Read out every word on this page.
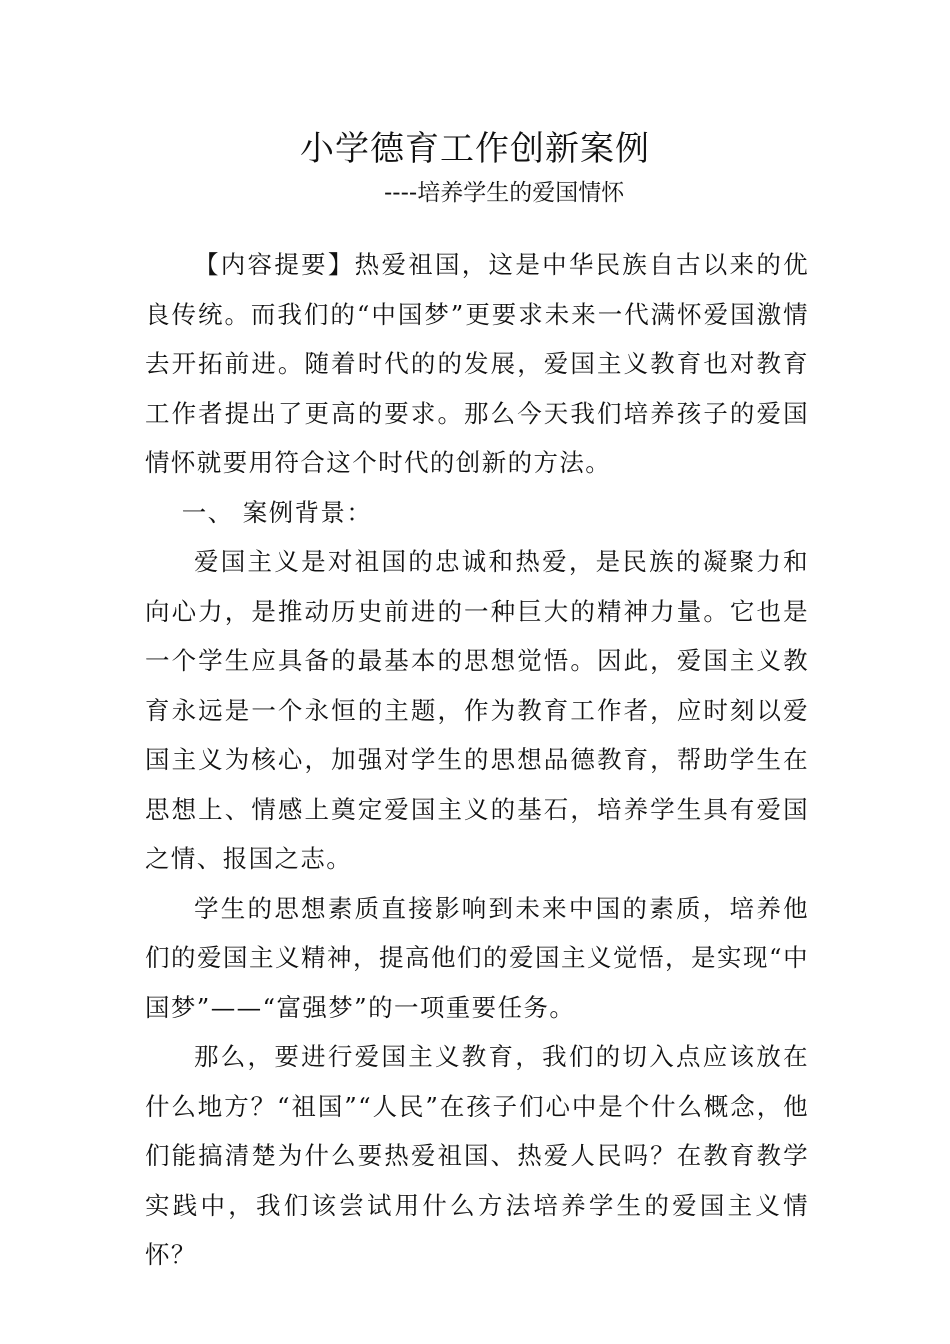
小学德育工作创新案例
----培养学生的爱国情怀

【内容提要】热爱祖国，这是中华民族自古以来的优良传统。而我们的“中国梦”更要求未来一代满怀爱国激情去开拓前进。随着时代的的发展，爱国主义教育也对教育工作者提出了更高的要求。那么今天我们培养孩子的爱国情怀就要用符合这个时代的创新的方法。

一、 案例背景：

爱国主义是对祖国的忠诚和热爱，是民族的凝聚力和向心力，是推动历史前进的一种巨大的精神力量。它也是一个学生应具备的最基本的思想觉悟。因此，爱国主义教育永远是一个永恒的主题，作为教育工作者，应时刻以爱国主义为核心，加强对学生的思想品德教育，帮助学生在思想上、情感上奠定爱国主义的基石，培养学生具有爱国之情、报国之志。

学生的思想素质直接影响到未来中国的素质，培养他们的爱国主义精神，提高他们的爱国主义觉悟，是实现“中国梦”——“富强梦”的一项重要任务。

那么，要进行爱国主义教育，我们的切入点应该放在什么地方？“祖国”“人民”在孩子们心中是个什么概念，他们能搞清楚为什么要热爱祖国、热爱人民吗？在教育教学实践中，我们该尝试用什么方法培养学生的爱国主义情怀？
